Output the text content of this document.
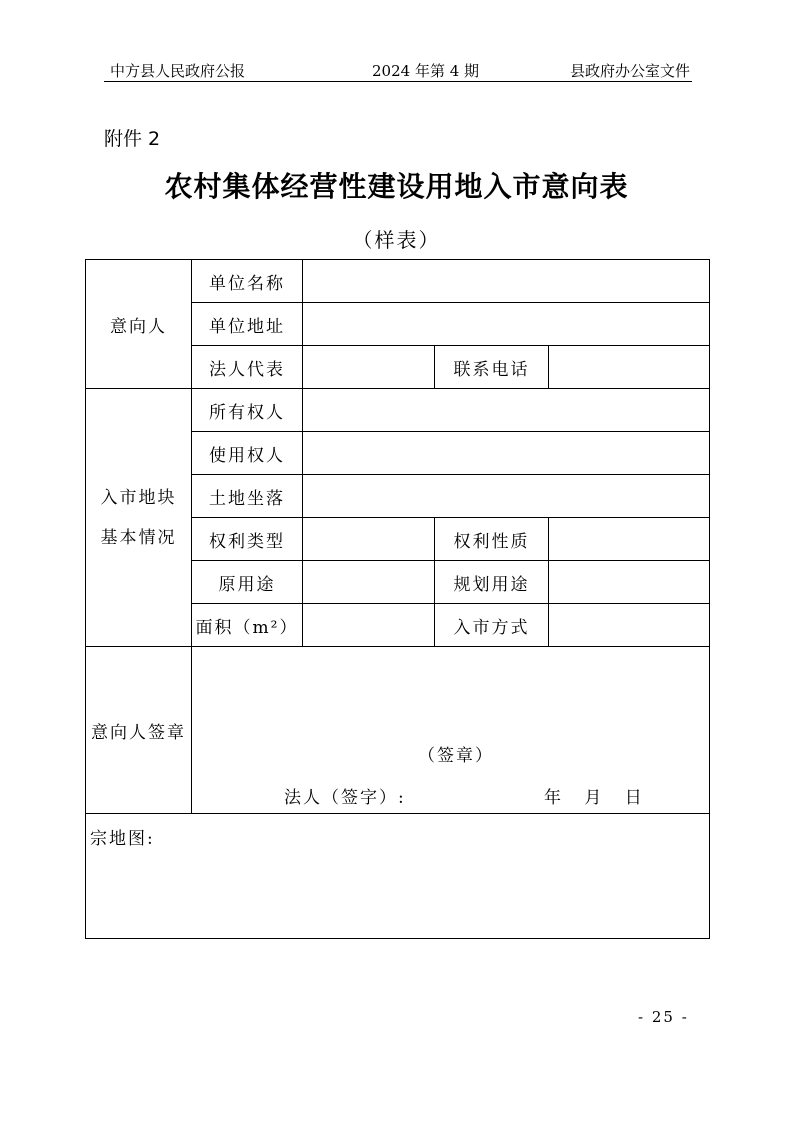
中方县人民政府公报	2024 年第 4 期	县政府办公室文件
附件 2
农村集体经营性建设用地入市意向表
（样表）
意向人	单位名称			
	单位地址			
	法人代表		联系电话	

入市地块
基本情况	所有权人			
	使用权人			
	土地坐落			
	权利类型		权利性质	
	原用途		规划用途	
	面积（m²）		入市方式	
意向人签章	（签章）
法人（签字）: 年 月 日			

宗地图:				
- 25 -
